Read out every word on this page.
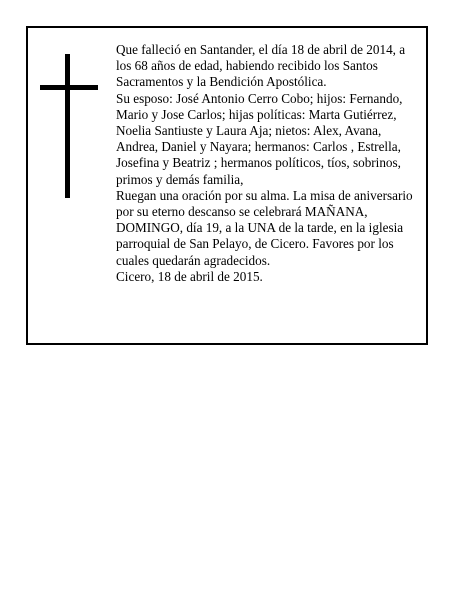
Que falleció en Santander, el día 18 de abril de 2014, a los 68 años de edad, habiendo recibido los Santos Sacramentos y la Bendición Apostólica.

Su esposo: José Antonio Cerro Cobo; hijos: Fernando, Mario y Jose Carlos; hijas políticas: Marta Gutiérrez, Noelia Santiuste y Laura Aja; nietos: Alex, Avana, Andrea, Daniel y Nayara; hermanos: Carlos , Estrella, Josefina y Beatriz ; hermanos políticos, tíos, sobrinos, primos y demás familia,

Ruegan una oración por su alma. La misa de aniversario por su eterno descanso se celebrará MAÑANA, DOMINGO, día 19, a la UNA de la tarde, en la iglesia parroquial de San Pelayo, de Cicero. Favores por los cuales quedarán agradecidos.

Cicero, 18 de abril de 2015.
